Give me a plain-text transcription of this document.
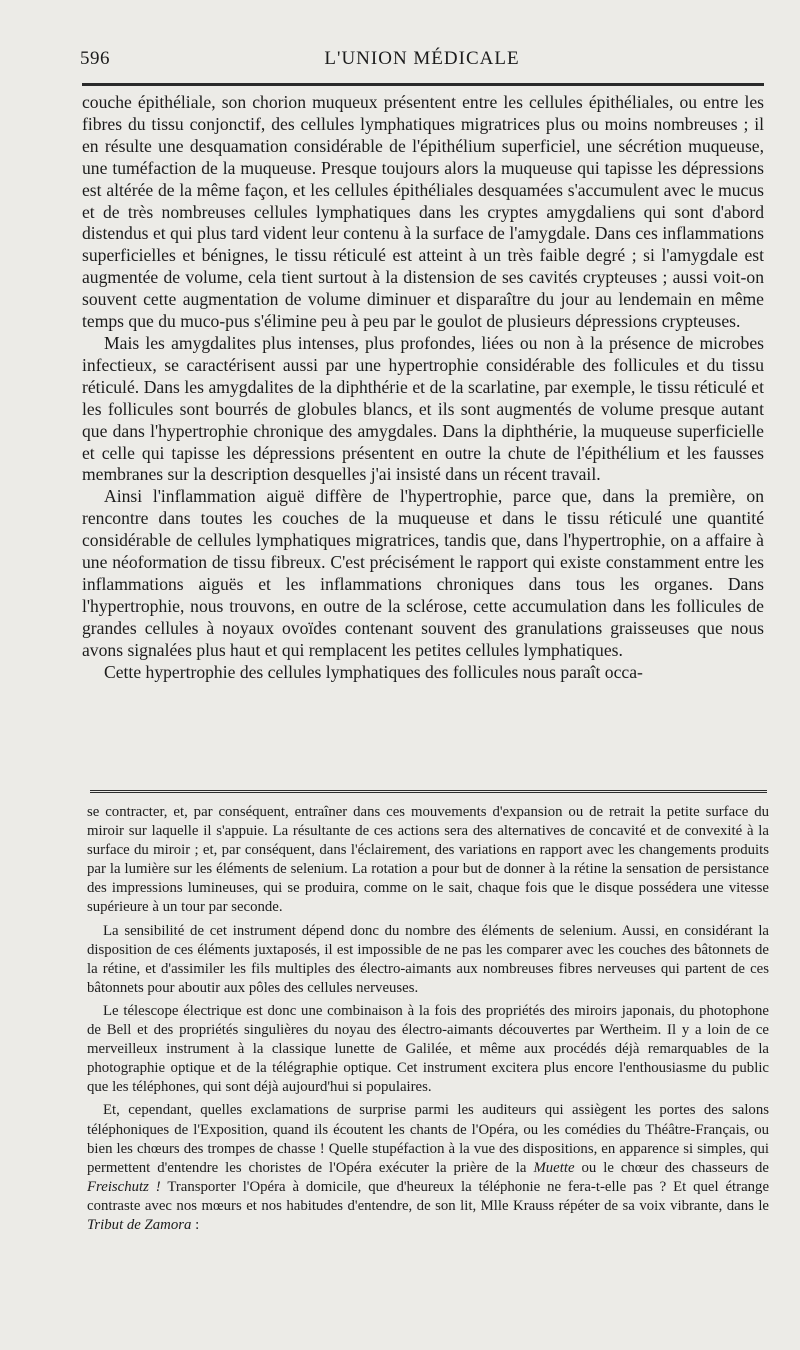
596	L'UNION MÉDICALE

couche épithéliale, son chorion muqueux présentent entre les cellules épithéliales, ou entre les fibres du tissu conjonctif, des cellules lymphatiques migratrices plus ou moins nombreuses ; il en résulte une desquamation considérable de l'épithélium superficiel, une sécrétion muqueuse, une tuméfaction de la muqueuse. Presque toujours alors la muqueuse qui tapisse les dépressions est altérée de la même façon, et les cellules épithéliales desquamées s'accumulent avec le mucus et de très nombreuses cellules lymphatiques dans les cryptes amygdaliens qui sont d'abord distendus et qui plus tard vident leur contenu à la surface de l'amygdale. Dans ces inflammations superficielles et bénignes, le tissu réticulé est atteint à un très faible degré ; si l'amygdale est augmentée de volume, cela tient surtout à la distension de ses cavités crypteuses ; aussi voit-on souvent cette augmentation de volume diminuer et disparaître du jour au lendemain en même temps que du muco-pus s'élimine peu à peu par le goulot de plusieurs dépressions crypteuses.

Mais les amygdalites plus intenses, plus profondes, liées ou non à la présence de microbes infectieux, se caractérisent aussi par une hypertrophie considérable des follicules et du tissu réticulé. Dans les amygdalites de la diphthérie et de la scarlatine, par exemple, le tissu réticulé et les follicules sont bourrés de globules blancs, et ils sont augmentés de volume presque autant que dans l'hypertrophie chronique des amygdales. Dans la diphthérie, la muqueuse superficielle et celle qui tapisse les dépressions présentent en outre la chute de l'épithélium et les fausses membranes sur la description desquelles j'ai insisté dans un récent travail.

Ainsi l'inflammation aiguë diffère de l'hypertrophie, parce que, dans la première, on rencontre dans toutes les couches de la muqueuse et dans le tissu réticulé une quantité considérable de cellules lymphatiques migratrices, tandis que, dans l'hypertrophie, on a affaire à une néoformation de tissu fibreux. C'est précisément le rapport qui existe constamment entre les inflammations aiguës et les inflammations chroniques dans tous les organes. Dans l'hypertrophie, nous trouvons, en outre de la sclérose, cette accumulation dans les follicules de grandes cellules à noyaux ovoïdes contenant souvent des granulations graisseuses que nous avons signalées plus haut et qui remplacent les petites cellules lymphatiques.

Cette hypertrophie des cellules lymphatiques des follicules nous paraît occa-

se contracter, et, par conséquent, entraîner dans ces mouvements d'expansion ou de retrait la petite surface du miroir sur laquelle il s'appuie. La résultante de ces actions sera des alternatives de concavité et de convexité à la surface du miroir ; et, par conséquent, dans l'éclairement, des variations en rapport avec les changements produits par la lumière sur les éléments de selenium. La rotation a pour but de donner à la rétine la sensation de persistance des impressions lumineuses, qui se produira, comme on le sait, chaque fois que le disque possédera une vitesse supérieure à un tour par seconde.

La sensibilité de cet instrument dépend donc du nombre des éléments de selenium. Aussi, en considérant la disposition de ces éléments juxtaposés, il est impossible de ne pas les comparer avec les couches des bâtonnets de la rétine, et d'assimiler les fils multiples des électro-aimants aux nombreuses fibres nerveuses qui partent de ces bâtonnets pour aboutir aux pôles des cellules nerveuses.

Le télescope électrique est donc une combinaison à la fois des propriétés des miroirs japonais, du photophone de Bell et des propriétés singulières du noyau des électro-aimants découvertes par Wertheim. Il y a loin de ce merveilleux instrument à la classique lunette de Galilée, et même aux procédés déjà remarquables de la photographie optique et de la télégraphie optique. Cet instrument excitera plus encore l'enthousiasme du public que les téléphones, qui sont déjà aujourd'hui si populaires.

Et, cependant, quelles exclamations de surprise parmi les auditeurs qui assiègent les portes des salons téléphoniques de l'Exposition, quand ils écoutent les chants de l'Opéra, ou les comédies du Théâtre-Français, ou bien les chœurs des trompes de chasse ! Quelle stupéfaction à la vue des dispositions, en apparence si simples, qui permettent d'entendre les choristes de l'Opéra exécuter la prière de la Muette ou le chœur des chasseurs de Freischutz ! Transporter l'Opéra à domicile, que d'heureux la téléphonie ne fera-t-elle pas ? Et quel étrange contraste avec nos mœurs et nos habitudes d'entendre, de son lit, Mlle Krauss répéter de sa voix vibrante, dans le Tribut de Zamora :
